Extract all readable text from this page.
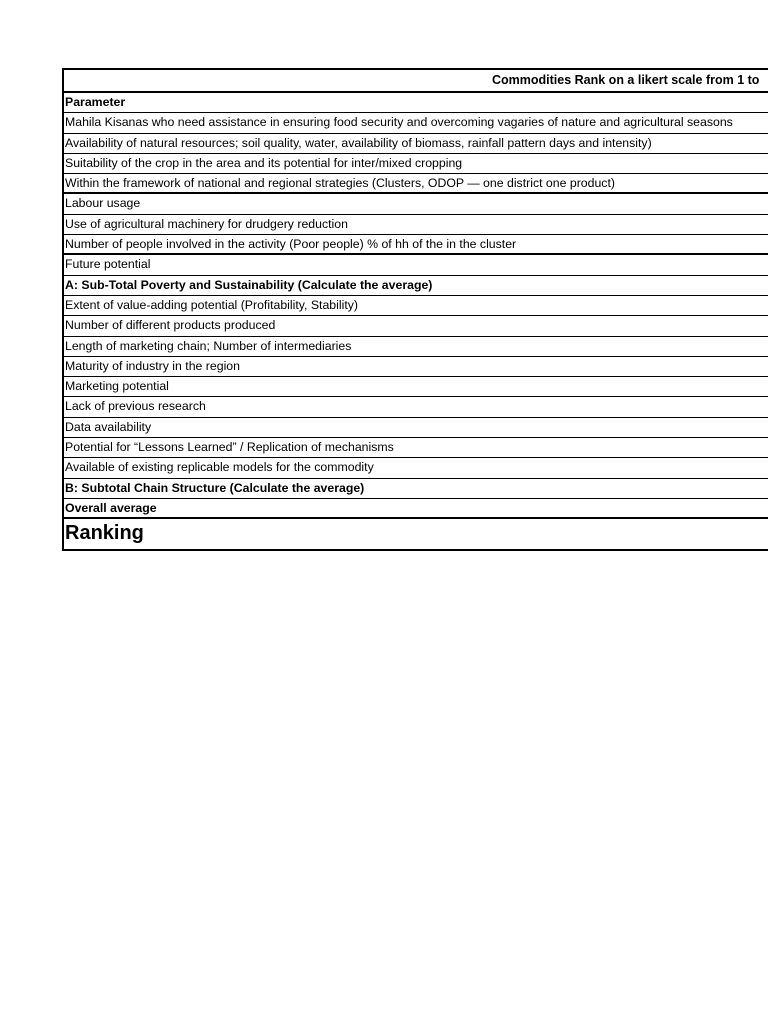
Commodities Rank on a likert scale from 1 to
Parameter
Mahila Kisanas who need assistance in ensuring food security and overcoming vagaries of nature and agricultural seasons
Availability of natural resources; soil quality, water, availability of biomass, rainfall pattern days and intensity)
Suitability of the crop in the area and its potential for inter/mixed cropping
Within the framework of national and regional strategies (Clusters, ODOP — one district one product)
Labour usage
Use of agricultural machinery for drudgery reduction
Number of people involved in the activity (Poor people) % of hh of the in the cluster
Future potential
A: Sub-Total Poverty and Sustainability (Calculate the average)
Extent of value-adding potential (Profitability, Stability)
Number of different products produced
Length of marketing chain; Number of intermediaries
Maturity of industry in the region
Marketing potential
Lack of previous research
Data availability
Potential for “Lessons Learned” / Replication of mechanisms
Available of existing replicable models for the commodity
B: Subtotal Chain Structure (Calculate the average)
Overall average
Ranking
